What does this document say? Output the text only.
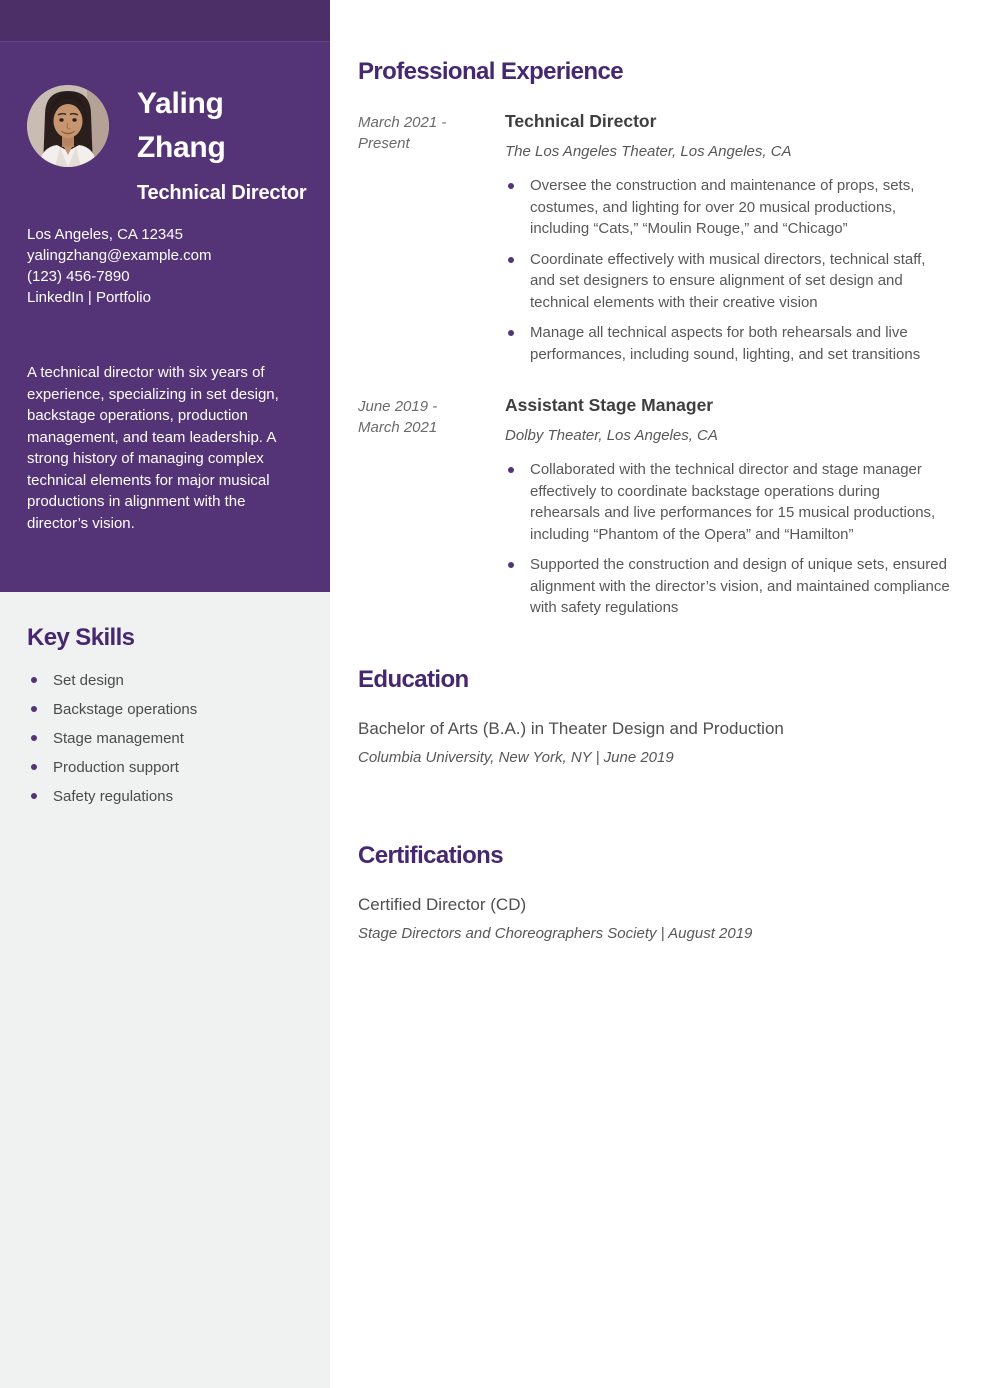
Yaling Zhang
Technical Director
Los Angeles, CA 12345
yalingzhang@example.com
(123) 456-7890
LinkedIn | Portfolio
A technical director with six years of experience, specializing in set design, backstage operations, production management, and team leadership. A strong history of managing complex technical elements for major musical productions in alignment with the director’s vision.
Key Skills
Set design
Backstage operations
Stage management
Production support
Safety regulations
Professional Experience
March 2021 - Present
Technical Director
The Los Angeles Theater, Los Angeles, CA
Oversee the construction and maintenance of props, sets, costumes, and lighting for over 20 musical productions, including “Cats,” “Moulin Rouge,” and “Chicago”
Coordinate effectively with musical directors, technical staff, and set designers to ensure alignment of set design and technical elements with their creative vision
Manage all technical aspects for both rehearsals and live performances, including sound, lighting, and set transitions
June 2019 - March 2021
Assistant Stage Manager
Dolby Theater, Los Angeles, CA
Collaborated with the technical director and stage manager effectively to coordinate backstage operations during rehearsals and live performances for 15 musical productions, including “Phantom of the Opera” and “Hamilton”
Supported the construction and design of unique sets, ensured alignment with the director’s vision, and maintained compliance with safety regulations
Education
Bachelor of Arts (B.A.) in Theater Design and Production
Columbia University, New York, NY | June 2019
Certifications
Certified Director (CD)
Stage Directors and Choreographers Society | August 2019
